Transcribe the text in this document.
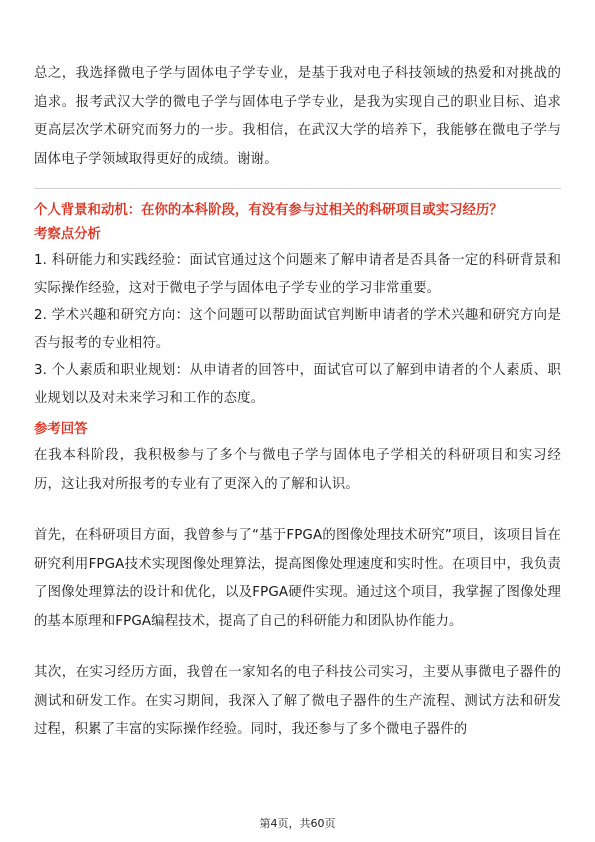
总之，我选择微电子学与固体电子学专业，是基于我对电子科技领域的热爱和对挑战的追求。报考武汉大学的微电子学与固体电子学专业，是我为实现自己的职业目标、追求更高层次学术研究而努力的一步。我相信，在武汉大学的培养下，我能够在微电子学与固体电子学领域取得更好的成绩。谢谢。

个人背景和动机：在你的本科阶段，有没有参与过相关的科研项目或实习经历？

考察点分析

1. 科研能力和实践经验：面试官通过这个问题来了解申请者是否具备一定的科研背景和实际操作经验，这对于微电子学与固体电子学专业的学习非常重要。
2. 学术兴趣和研究方向：这个问题可以帮助面试官判断申请者的学术兴趣和研究方向是否与报考的专业相符。
3. 个人素质和职业规划：从申请者的回答中，面试官可以了解到申请者的个人素质、职业规划以及对未来学习和工作的态度。

参考回答

在我本科阶段，我积极参与了多个与微电子学与固体电子学相关的科研项目和实习经历，这让我对所报考的专业有了更深入的了解和认识。

首先，在科研项目方面，我曾参与了“基于FPGA的图像处理技术研究”项目，该项目旨在研究利用FPGA技术实现图像处理算法，提高图像处理速度和实时性。在项目中，我负责了图像处理算法的设计和优化，以及FPGA硬件实现。通过这个项目，我掌握了图像处理的基本原理和FPGA编程技术，提高了自己的科研能力和团队协作能力。

其次，在实习经历方面，我曾在一家知名的电子科技公司实习，主要从事微电子器件的测试和研发工作。在实习期间，我深入了解了微电子器件的生产流程、测试方法和研发过程，积累了丰富的实际操作经验。同时，我还参与了多个微电子器件的

第4页，共60页
